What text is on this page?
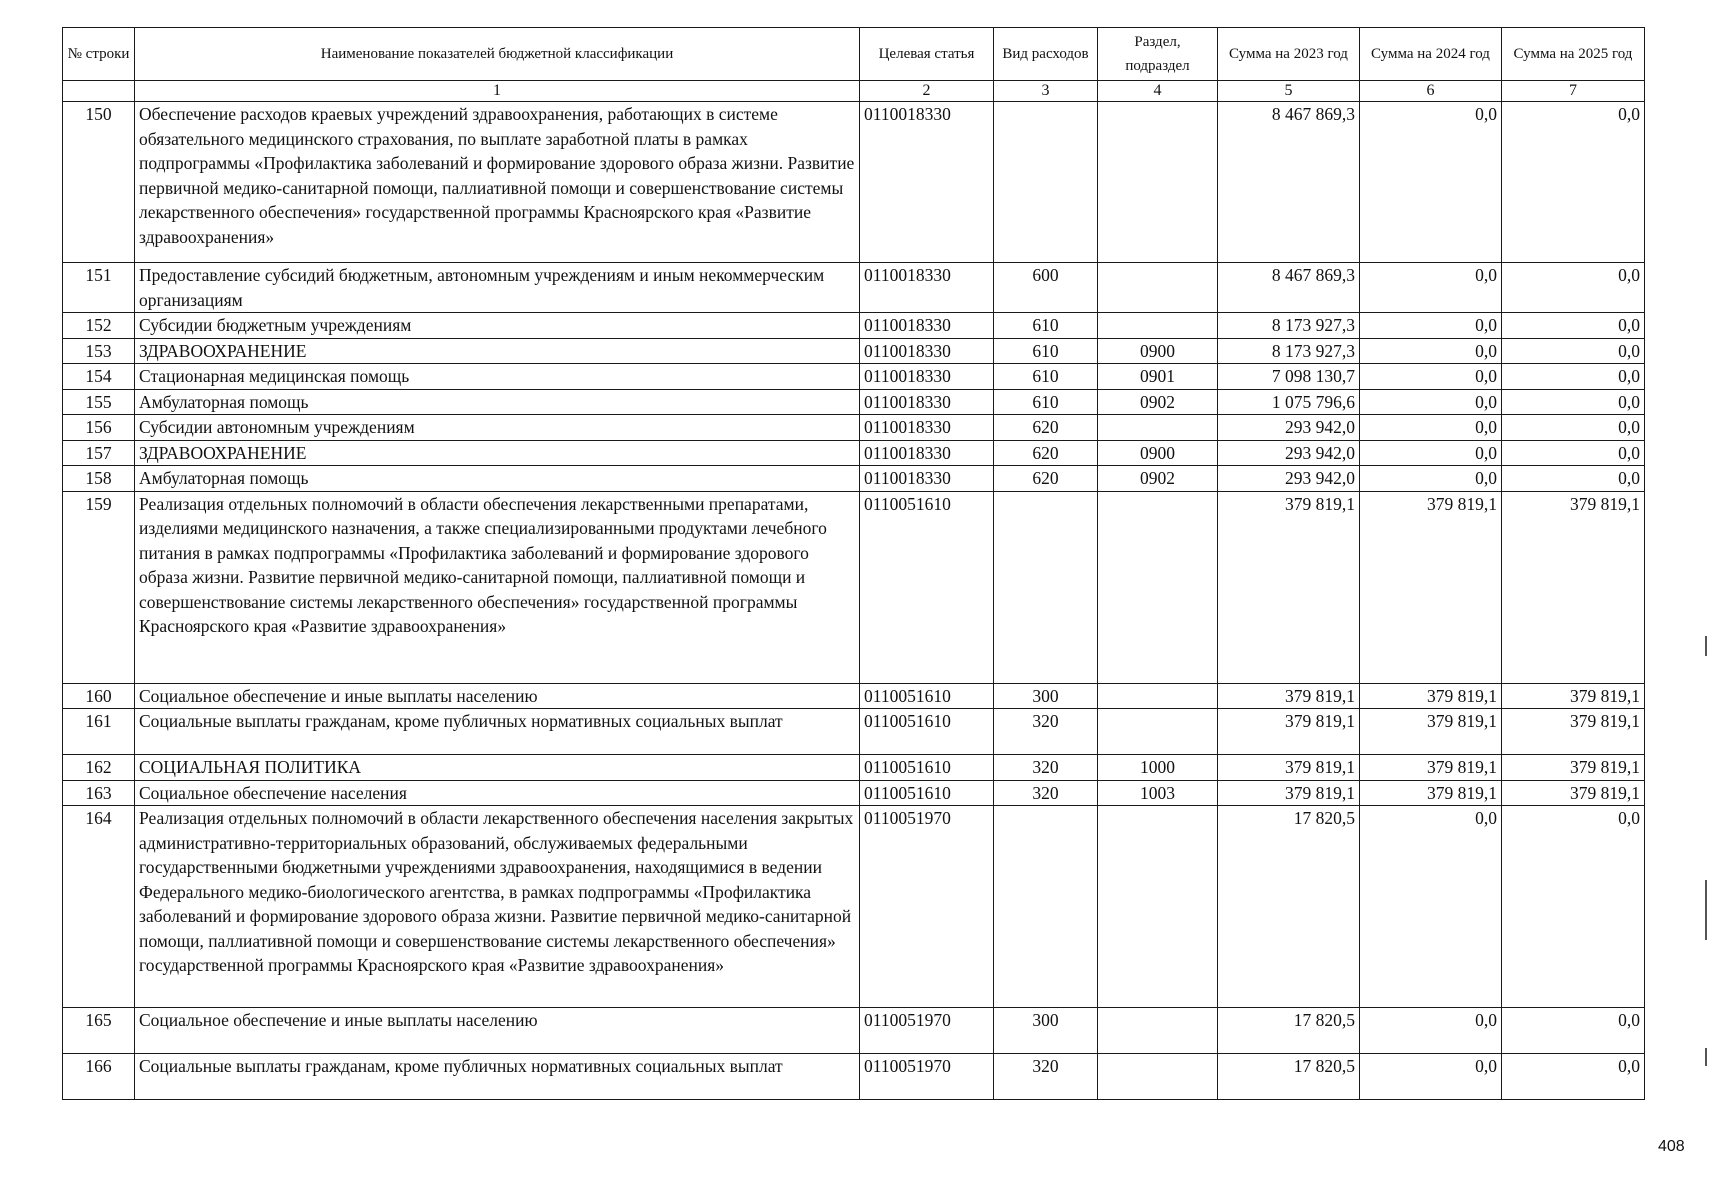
№ строки	Наименование показателей бюджетной классификации	Целевая статья	Вид расходов	Раздел, подраздел	Сумма на 2023 год	Сумма на 2024 год	Сумма на 2025 год
	1	2	3	4	5	6	7
150	Обеспечение расходов краевых учреждений здравоохранения, работающих в системе обязательного медицинского страхования, по выплате заработной платы в рамках подпрограммы «Профилактика заболеваний и формирование здорового образа жизни. Развитие первичной медико-санитарной помощи, паллиативной помощи и совершенствование системы лекарственного обеспечения» государственной программы Красноярского края «Развитие здравоохранения»	0110018330			8 467 869,3	0,0	0,0
151	Предоставление субсидий бюджетным, автономным учреждениям и иным некоммерческим организациям	0110018330	600		8 467 869,3	0,0	0,0
152	Субсидии бюджетным учреждениям	0110018330	610		8 173 927,3	0,0	0,0
153	ЗДРАВООХРАНЕНИЕ	0110018330	610	0900	8 173 927,3	0,0	0,0
154	Стационарная медицинская помощь	0110018330	610	0901	7 098 130,7	0,0	0,0
155	Амбулаторная помощь	0110018330	610	0902	1 075 796,6	0,0	0,0
156	Субсидии автономным учреждениям	0110018330	620		293 942,0	0,0	0,0
157	ЗДРАВООХРАНЕНИЕ	0110018330	620	0900	293 942,0	0,0	0,0
158	Амбулаторная помощь	0110018330	620	0902	293 942,0	0,0	0,0
159	Реализация отдельных полномочий в области обеспечения лекарственными препаратами, изделиями медицинского назначения, а также специализированными продуктами лечебного питания в рамках подпрограммы «Профилактика заболеваний и формирование здорового образа жизни. Развитие первичной медико-санитарной помощи, паллиативной помощи и совершенствование системы лекарственного обеспечения» государственной программы Красноярского края «Развитие здравоохранения»	0110051610			379 819,1	379 819,1	379 819,1
160	Социальное обеспечение и иные выплаты населению	0110051610	300		379 819,1	379 819,1	379 819,1
161	Социальные выплаты гражданам, кроме публичных нормативных социальных выплат	0110051610	320		379 819,1	379 819,1	379 819,1
162	СОЦИАЛЬНАЯ ПОЛИТИКА	0110051610	320	1000	379 819,1	379 819,1	379 819,1
163	Социальное обеспечение населения	0110051610	320	1003	379 819,1	379 819,1	379 819,1
164	Реализация отдельных полномочий в области лекарственного обеспечения населения закрытых административно-территориальных образований, обслуживаемых федеральными государственными бюджетными учреждениями здравоохранения, находящимися в ведении Федерального медико-биологического агентства, в рамках подпрограммы «Профилактика заболеваний и формирование здорового образа жизни. Развитие первичной медико-санитарной помощи, паллиативной помощи и совершенствование системы лекарственного обеспечения» государственной программы Красноярского края «Развитие здравоохранения»	0110051970			17 820,5	0,0	0,0
165	Социальное обеспечение и иные выплаты населению	0110051970	300		17 820,5	0,0	0,0
166	Социальные выплаты гражданам, кроме публичных нормативных социальных выплат	0110051970	320		17 820,5	0,0	0,0
408
